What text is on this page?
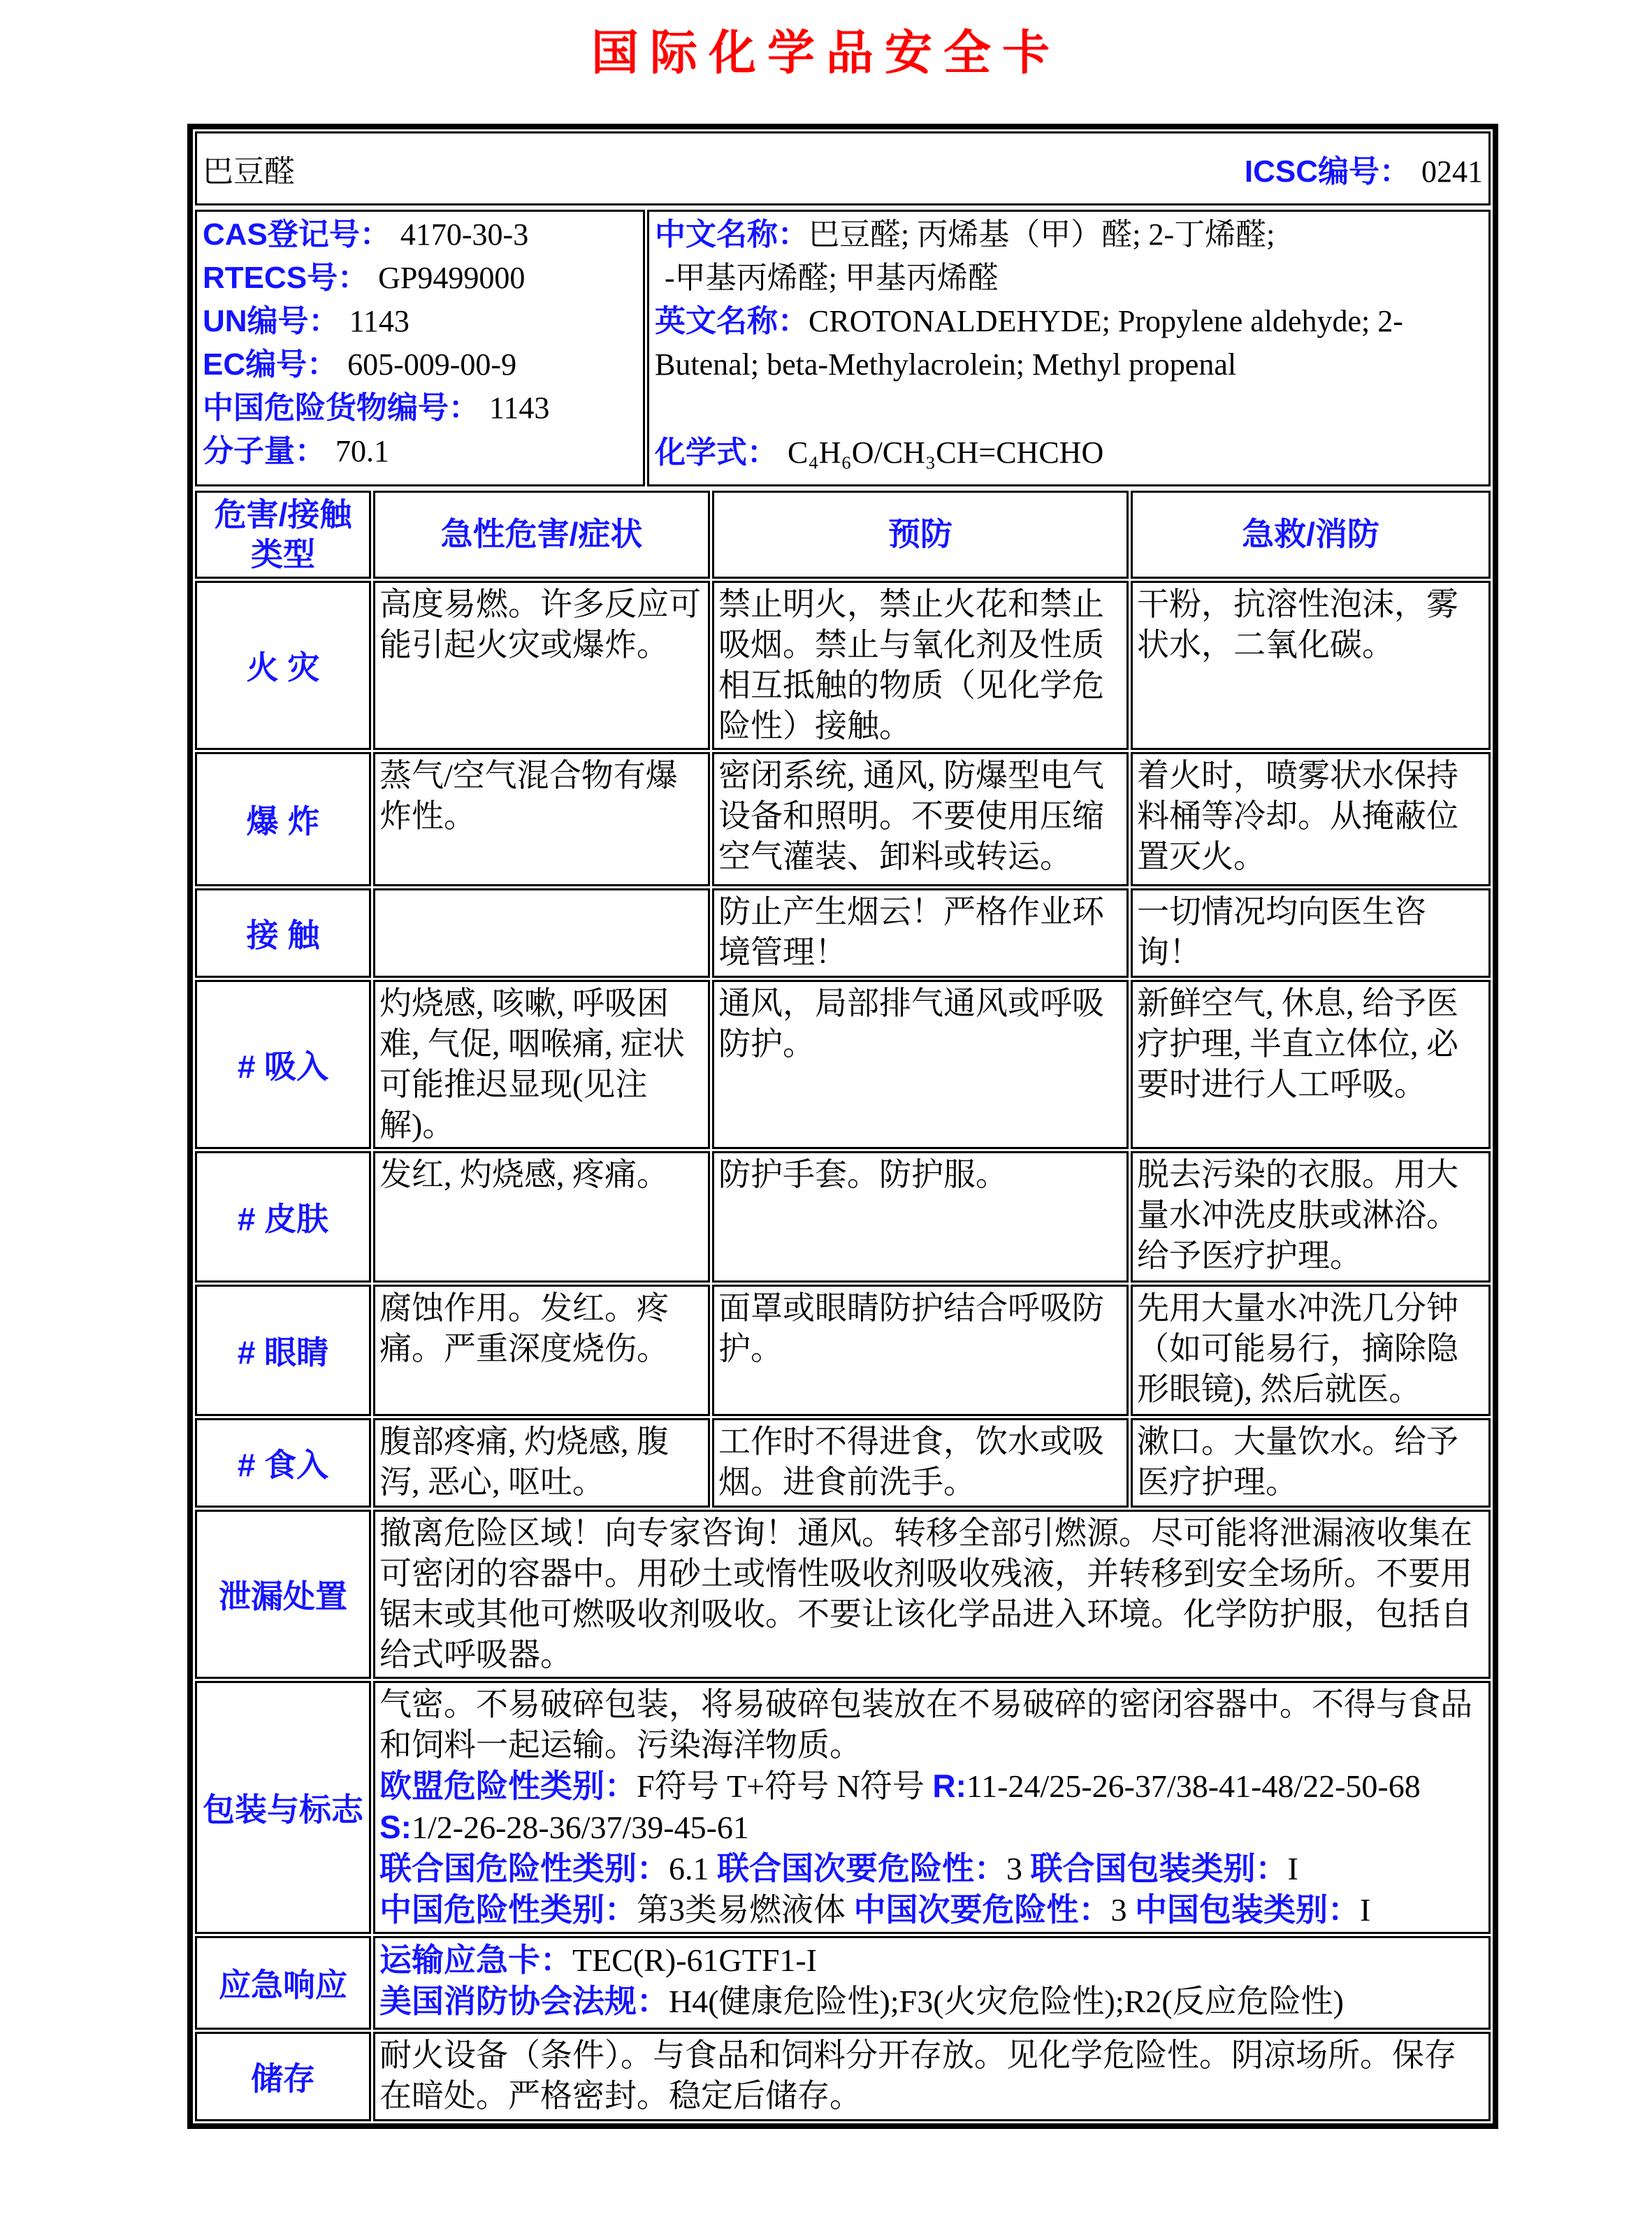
国际化学品安全卡
巴豆醛	ICSC编号： 0241
CAS登记号： 4170-30-3
RTECS号： GP9499000
UN编号： 1143
EC编号： 605-009-00-9
中国危险货物编号： 1143
分子量： 70.1

中文名称：巴豆醛; 丙烯基（甲）醛; 2-丁烯醛;
-甲基丙烯醛; 甲基丙烯醛
英文名称：CROTONALDEHYDE; Propylene aldehyde; 2-Butenal; beta-Methylacrolein; Methyl propenal
化学式： C₄H₆O/CH₃CH=CHCHO
危害/接触类型	急性危害/症状	预防	急救/消防
火 灾	高度易燃。许多反应可能引起火灾或爆炸。	禁止明火，禁止火花和禁止吸烟。禁止与氧化剂及性质相互抵触的物质（见化学危险性）接触。	干粉，抗溶性泡沫，雾状水，二氧化碳。
爆 炸	蒸气/空气混合物有爆炸性。	密闭系统, 通风, 防爆型电气设备和照明。不要使用压缩空气灌装、卸料或转运。	着火时，喷雾状水保持料桶等冷却。从掩蔽位置灭火。
接 触		防止产生烟云！严格作业环境管理！	一切情况均向医生咨询！
# 吸入	灼烧感, 咳嗽, 呼吸困难, 气促, 咽喉痛, 症状可能推迟显现(见注解)。	通风，局部排气通风或呼吸防护。	新鲜空气, 休息, 给予医疗护理, 半直立体位, 必要时进行人工呼吸。
# 皮肤	发红, 灼烧感, 疼痛。	防护手套。防护服。	脱去污染的衣服。用大量水冲洗皮肤或淋浴。给予医疗护理。
# 眼睛	腐蚀作用。发红。疼痛。严重深度烧伤。	面罩或眼睛防护结合呼吸防护。	先用大量水冲洗几分钟（如可能易行，摘除隐形眼镜), 然后就医。
# 食入	腹部疼痛, 灼烧感, 腹泻, 恶心, 呕吐。	工作时不得进食，饮水或吸烟。进食前洗手。	漱口。大量饮水。给予医疗护理。
泄漏处置	撤离危险区域！向专家咨询！通风。转移全部引燃源。尽可能将泄漏液收集在可密闭的容器中。用砂土或惰性吸收剂吸收残液，并转移到安全场所。不要用锯末或其他可燃吸收剂吸收。不要让该化学品进入环境。化学防护服，包括自给式呼吸器。		
包装与标志	气密。不易破碎包装，将易破碎包装放在不易破碎的密闭容器中。不得与食品和饲料一起运输。污染海洋物质。
欧盟危险性类别：F符号 T+符号 N符号 R:11-24/25-26-37/38-41-48/22-50-68 S:1/2-26-28-36/37/39-45-61
联合国危险性类别：6.1 联合国次要危险性：3 联合国包装类别：I
中国危险性类别：第3类易燃液体 中国次要危险性：3 中国包装类别：I		

应急响应	运输应急卡：TEC(R)-61GTF1-I
美国消防协会法规：H4(健康危险性);F3(火灾危险性);R2(反应危险性)		

储存	耐火设备（条件）。与食品和饲料分开存放。见化学危险性。阴凉场所。保存在暗处。严格密封。稳定后储存。		
